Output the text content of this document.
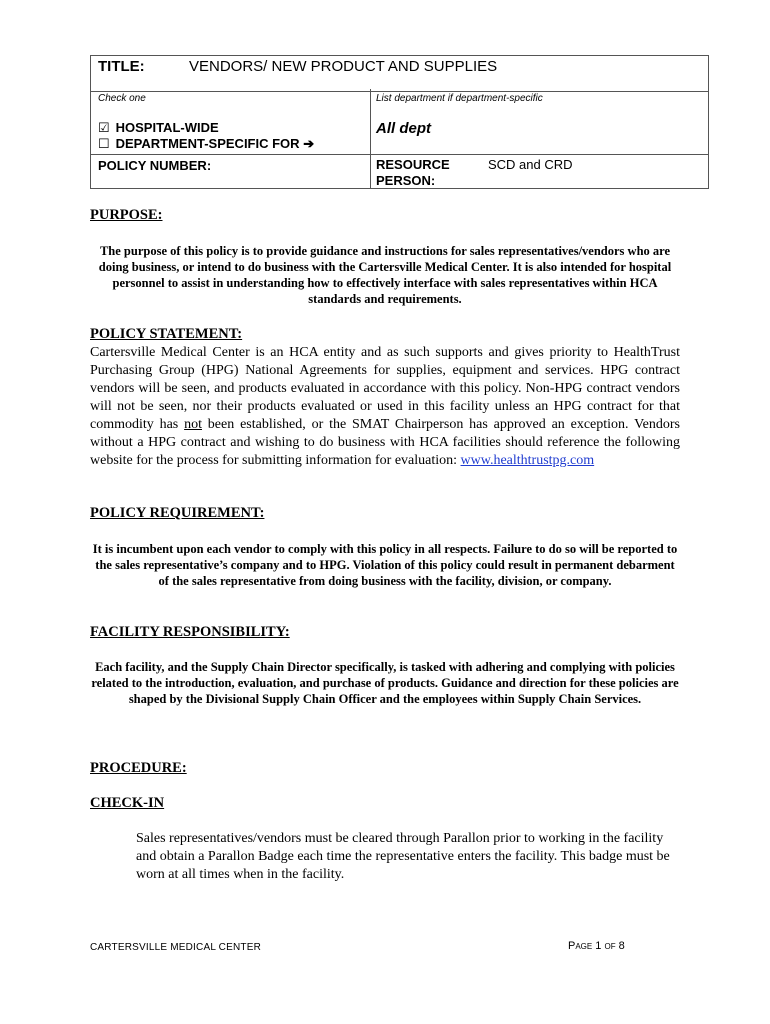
TITLE:	VENDORS/ NEW PRODUCT AND SUPPLIES
Check one	List department if department-specific
☑ HOSPITAL-WIDE
☐ DEPARTMENT-SPECIFIC FOR ➔
All dept
POLICY NUMBER:	RESOURCE
PERSON:
SCD and CRD
PURPOSE:
The purpose of this policy is to provide guidance and instructions for sales representatives/vendors who are doing business, or intend to do business with the Cartersville Medical Center. It is also intended for hospital personnel to assist in understanding how to effectively interface with sales representatives within HCA standards and requirements.
POLICY STATEMENT:
Cartersville Medical Center is an HCA entity and as such supports and gives priority to HealthTrust Purchasing Group (HPG) National Agreements for supplies, equipment and services. HPG contract vendors will be seen, and products evaluated in accordance with this policy. Non-HPG contract vendors will not be seen, nor their products evaluated or used in this facility unless an HPG contract for that commodity has not been established, or the SMAT Chairperson has approved an exception. Vendors without a HPG contract and wishing to do business with HCA facilities should reference the following website for the process for submitting information for evaluation: www.healthtrustpg.com
POLICY REQUIREMENT:
It is incumbent upon each vendor to comply with this policy in all respects. Failure to do so will be reported to the sales representative’s company and to HPG. Violation of this policy could result in permanent debarment of the sales representative from doing business with the facility, division, or company.
FACILITY RESPONSIBILITY:
Each facility, and the Supply Chain Director specifically, is tasked with adhering and complying with policies related to the introduction, evaluation, and purchase of products. Guidance and direction for these policies are shaped by the Divisional Supply Chain Officer and the employees within Supply Chain Services.
PROCEDURE:
CHECK-IN
Sales representatives/vendors must be cleared through Parallon prior to working in the facility and obtain a Parallon Badge each time the representative enters the facility. This badge must be worn at all times when in the facility.
CARTERSVILLE MEDICAL CENTER	Page 1 of 8
